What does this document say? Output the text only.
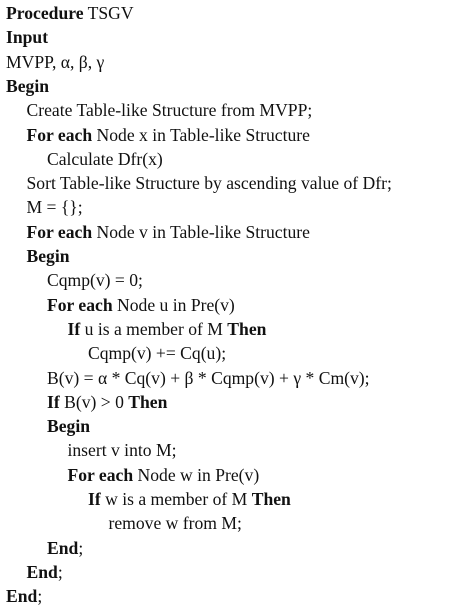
Procedure TSGV
Input
MVPP, α, β, γ
Begin
Create Table-like Structure from MVPP;
For each Node x in Table-like Structure
Calculate Dfr(x)
Sort Table-like Structure by ascending value of Dfr;
M = {};
For each Node v in Table-like Structure
Begin
Cqmp(v) = 0;
For each Node u in Pre(v)
If u is a member of M Then
Cqmp(v) += Cq(u);
B(v) = α * Cq(v) + β * Cqmp(v) + γ * Cm(v);
If B(v) > 0 Then
Begin
insert v into M;
For each Node w in Pre(v)
If w is a member of M Then
remove w from M;
End;
End;
End;
